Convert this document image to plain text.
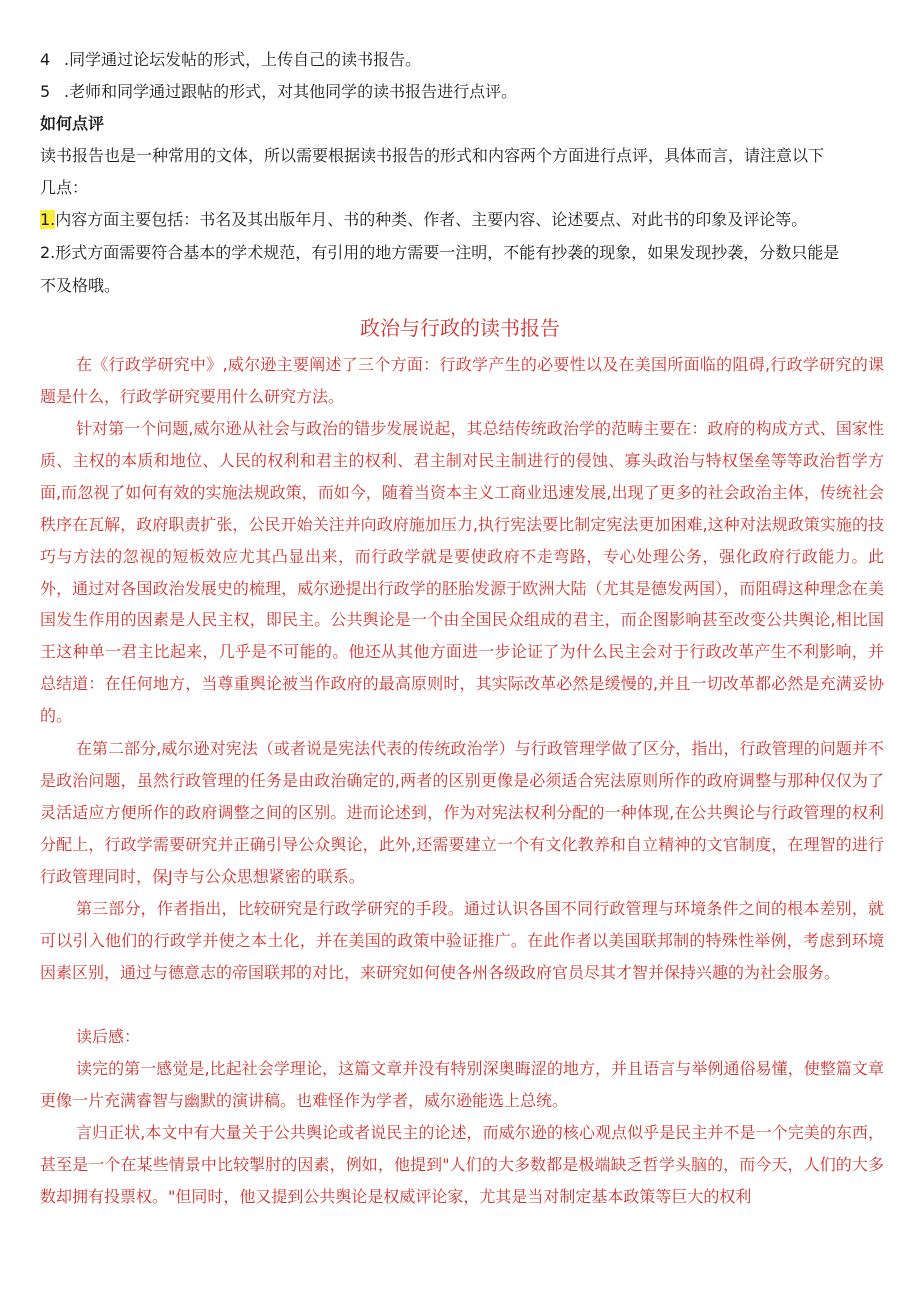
4 .同学通过论坛发帖的形式，上传自己的读书报告。
5 .老师和同学通过跟帖的形式，对其他同学的读书报告进行点评。
如何点评
读书报告也是一种常用的文体，所以需要根据读书报告的形式和内容两个方面进行点评，具体而言，请注意以下
几点：
1.内容方面主要包括：书名及其出版年月、书的种类、作者、主要内容、论述要点、对此书的印象及评论等。
2.形式方面需要符合基本的学术规范，有引用的地方需要一注明，不能有抄袭的现象，如果发现抄袭，分数只能是
不及格哦。
政治与行政的读书报告

在《行政学研究中》,威尔逊主要阐述了三个方面：行政学产生的必要性以及在美国所面临的阻碍,行政学研究的课题是什么，行政学研究要用什么研究方法。

针对第一个问题,威尔逊从社会与政治的错步发展说起，其总结传统政治学的范畴主要在：政府的构成方式、国家性质、主权的本质和地位、人民的权利和君主的权利、君主制对民主制进行的侵蚀、寡头政治与特权堡垒等等政治哲学方面,而忽视了如何有效的实施法规政策，而如今，随着当资本主义工商业迅速发展,出现了更多的社会政治主体，传统社会秩序在瓦解，政府职责扩张，公民开始关注并向政府施加压力,执行宪法要比制定宪法更加困难,这种对法规政策实施的技巧与方法的忽视的短板效应尤其凸显出来，而行政学就是要使政府不走弯路，专心处理公务，强化政府行政能力。此外，通过对各国政治发展史的梳理，威尔逊提出行政学的胚胎发源于欧洲大陆（尤其是德发两国），而阻碍这种理念在美国发生作用的因素是人民主权，即民主。公共舆论是一个由全国民众组成的君主，而企图影响甚至改变公共舆论,相比国王这种单一君主比起来，几乎是不可能的。他还从其他方面进一步论证了为什么民主会对于行政改革产生不利影响，并总结道：在任何地方，当尊重舆论被当作政府的最高原则时，其实际改革必然是缓慢的,并且一切改革都必然是充满妥协的。

在第二部分,威尔逊对宪法（或者说是宪法代表的传统政治学）与行政管理学做了区分，指出，行政管理的问题并不是政治问题，虽然行政管理的任务是由政治确定的,两者的区别更像是必须适合宪法原则所作的政府调整与那种仅仅为了灵活适应方便所作的政府调整之间的区别。进而论述到，作为对宪法权利分配的一种体现,在公共舆论与行政管理的权利分配上，行政学需要研究并正确引导公众舆论，此外,还需要建立一个有文化教养和自立精神的文官制度，在理智的进行行政管理同时，保J寺与公众思想紧密的联系。

第三部分，作者指出，比较研究是行政学研究的手段。通过认识各国不同行政管理与环境条件之间的根本差别，就可以引入他们的行政学并使之本土化，并在美国的政策中验证推广。在此作者以美国联邦制的特殊性举例，考虑到环境因素区别，通过与德意志的帝国联邦的对比，来研究如何使各州各级政府官员尽其才智并保持兴趣的为社会服务。

读后感：

读完的第一感觉是,比起社会学理论，这篇文章并没有特别深奥晦涩的地方，并且语言与举例通俗易懂，使整篇文章更像一片充满睿智与幽默的演讲稿。也难怪作为学者，威尔逊能选上总统。

言归正状,本文中有大量关于公共舆论或者说民主的论述，而威尔逊的核心观点似乎是民主并不是一个完美的东西，甚至是一个在某些情景中比较掣肘的因素，例如，他提到"人们的大多数都是极端缺乏哲学头脑的，而今天，人们的大多数却拥有投票权。"但同时，他又提到公共舆论是权威评论家，尤其是当对制定基本政策等巨大的权利
